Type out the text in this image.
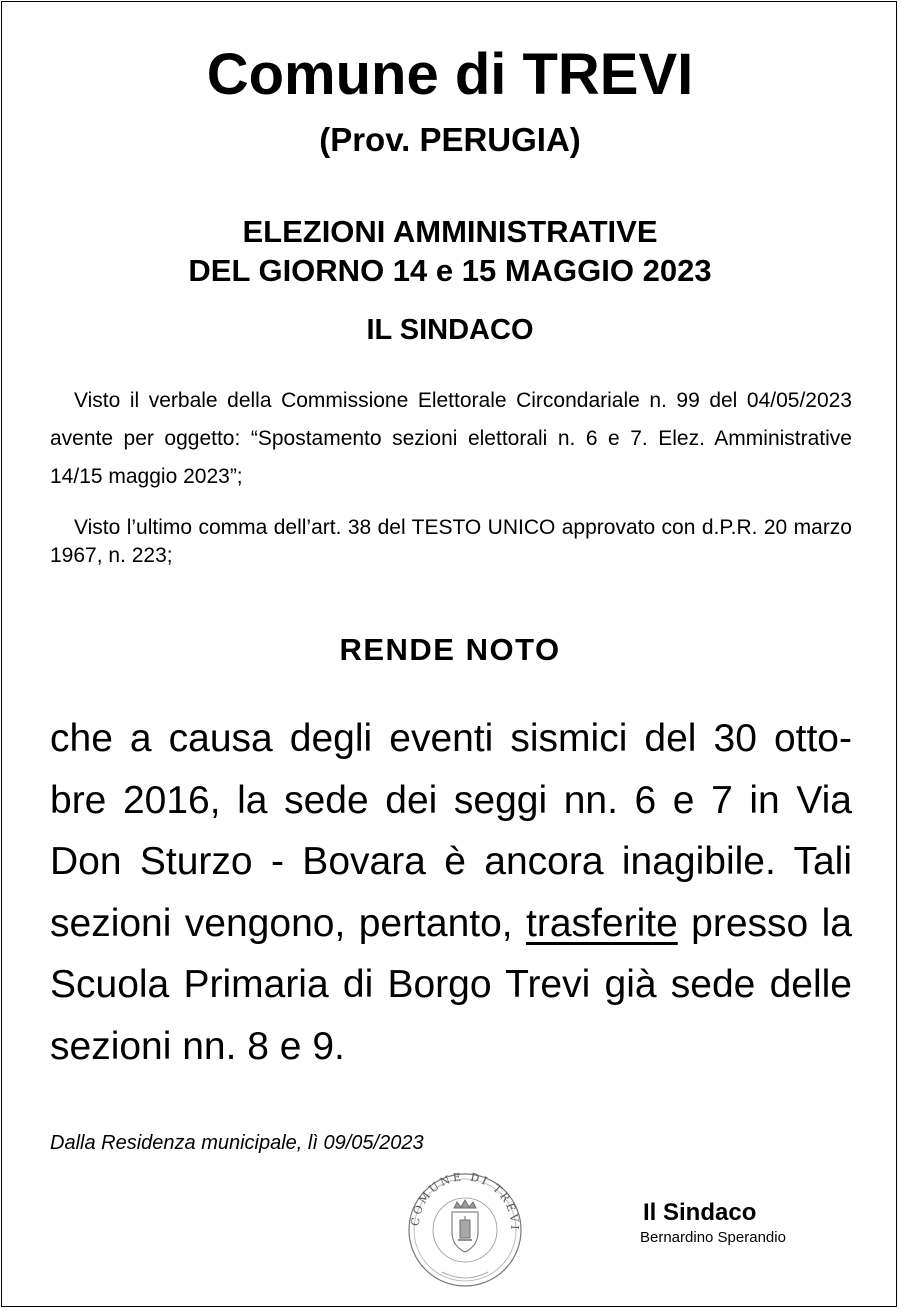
Comune di TREVI
(Prov. PERUGIA)
ELEZIONI AMMINISTRATIVE
DEL GIORNO 14 e 15 MAGGIO 2023
IL SINDACO

Visto il verbale della Commissione Elettorale Circondariale n. 99 del 04/05/2023 avente per oggetto: “Spostamento sezioni elettorali n. 6 e 7. Elez. Amministrative 14/15 maggio 2023”;

Visto l’ultimo comma dell’art. 38 del TESTO UNICO approvato con d.P.R. 20 marzo 1967, n. 223;

RENDE NOTO

che a causa degli eventi sismici del 30 otto-bre 2016, la sede dei seggi nn. 6 e 7 in Via Don Sturzo - Bovara è ancora inagibile. Tali sezioni vengono, pertanto, trasferite presso la Scuola Primaria di Borgo Trevi già sede delle sezioni nn. 8 e 9.

Dalla Residenza municipale, lì 09/05/2023
COMUNE DI TREVI
Il Sindaco
Bernardino Sperandio
